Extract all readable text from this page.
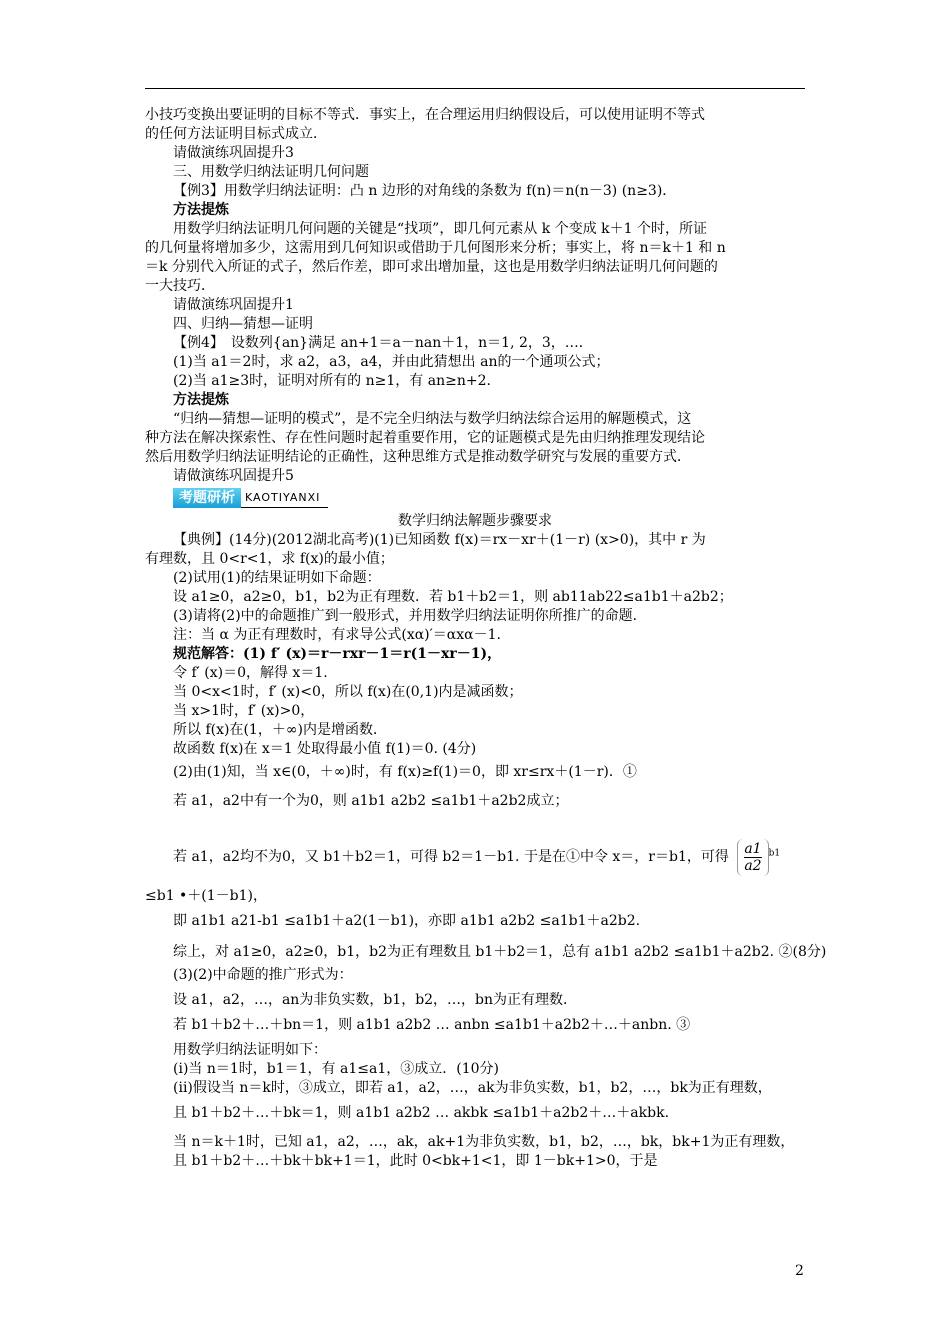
小技巧变换出要证明的目标不等式．事实上，在合理运用归纳假设后，可以使用证明不等式
的任何方法证明目标式成立．
请做演练巩固提升3
三、用数学归纳法证明几何问题
【例3】用数学归纳法证明：凸 n 边形的对角线的条数为 f(n)＝n(n－3) (n≥3)．
方法提炼
用数学归纳法证明几何问题的关键是“找项”，即几何元素从 k 个变成 k＋1 个时，所证
的几何量将增加多少，这需用到几何知识或借助于几何图形来分析；事实上，将 n＝k＋1 和 n
＝k 分别代入所证的式子，然后作差，即可求出增加量，这也是用数学归纳法证明几何问题的
一大技巧．
请做演练巩固提升1
四、归纳—猜想—证明
【例4】　设数列{an}满足 an+1＝a－nan＋1，n＝1, 2，3，…．
(1)当 a1＝2时，求 a2，a3，a4，并由此猜想出 an的一个通项公式；
(2)当 a1≥3时，证明对所有的 n≥1，有 an≥n+2.
方法提炼
“归纳—猜想—证明的模式”，是不完全归纳法与数学归纳法综合运用的解题模式，这
种方法在解决探索性、存在性问题时起着重要作用，它的证题模式是先由归纳推理发现结论
然后用数学归纳法证明结论的正确性，这种思维方式是推动数学研究与发展的重要方式．
请做演练巩固提升5
考题研析 KAOTIYANXI
数学归纳法解题步骤要求
【典例】(14分)(2012湖北高考)(1)已知函数 f(x)＝rx－xr＋(1－r) (x>0)，其中 r 为
有理数，且 0<r<1，求 f(x)的最小值；
(2)试用(1)的结果证明如下命题：
设 a1≥0，a2≥0，b1，b2为正有理数．若 b1＋b2＝1，则 ab11ab22≤a1b1＋a2b2；
(3)请将(2)中的命题推广到一般形式，并用数学归纳法证明你所推广的命题．
注：当 α 为正有理数时，有求导公式(xα)′＝αxα－1.
规范解答：(1) f′ (x)＝r－rxr－1＝r(1－xr－1)，
令 f′ (x)＝0，解得 x＝1.
当 0<x<1时，f′ (x)<0，所以 f(x)在(0,1)内是减函数；
当 x>1时，f′ (x)>0，
所以 f(x)在(1，＋∞)内是增函数．
故函数 f(x)在 x＝1 处取得最小值 f(1)＝0. (4分)
(2)由(1)知，当 x∈(0，＋∞)时，有 f(x)≥f(1)＝0，即 xr≤rx＋(1－r)．①
若 a1，a2中有一个为0，则 a1b1 a2b2 ≤a1b1＋a2b2成立；
若 a1，a2均不为0，又 b1＋b2＝1，可得 b2＝1－b1. 于是在①中令 x＝，r＝b1，可得 $\frac{a1}{a2} ^{b1}$
≤b1 •＋(1－b1)，
即 a1b1 a21-b1 ≤a1b1＋a2(1－b1)，亦即 a1b1 a2b2 ≤a1b1＋a2b2.
综上，对 a1≥0，a2≥0，b1，b2为正有理数且 b1＋b2＝1，总有 a1b1 a2b2 ≤a1b1＋a2b2. ②(8分)
(3)(2)中命题的推广形式为：
设 a1，a2，…，an为非负实数，b1，b2，…，bn为正有理数．
若 b1＋b2＋…＋bn＝1，则 a1b1 a2b2 … anbn ≤a1b1＋a2b2＋…＋anbn. ③
用数学归纳法证明如下：
(ⅰ)当 n＝1时，b1＝1，有 a1≤a1，③成立．(10分)
(ⅱ)假设当 n＝k时，③成立，即若 a1，a2，…，ak为非负实数，b1，b2，…，bk为正有理数，
且 b1＋b2＋…＋bk＝1，则 a1b1 a2b2 … akbk ≤a1b1＋a2b2＋…＋akbk.
当 n＝k＋1时，已知 a1，a2，…，ak，ak+1为非负实数，b1，b2，…，bk，bk+1为正有理数，
且 b1＋b2＋…＋bk＋bk+1＝1，此时 0<bk+1<1，即 1－bk+1>0，于是
2
